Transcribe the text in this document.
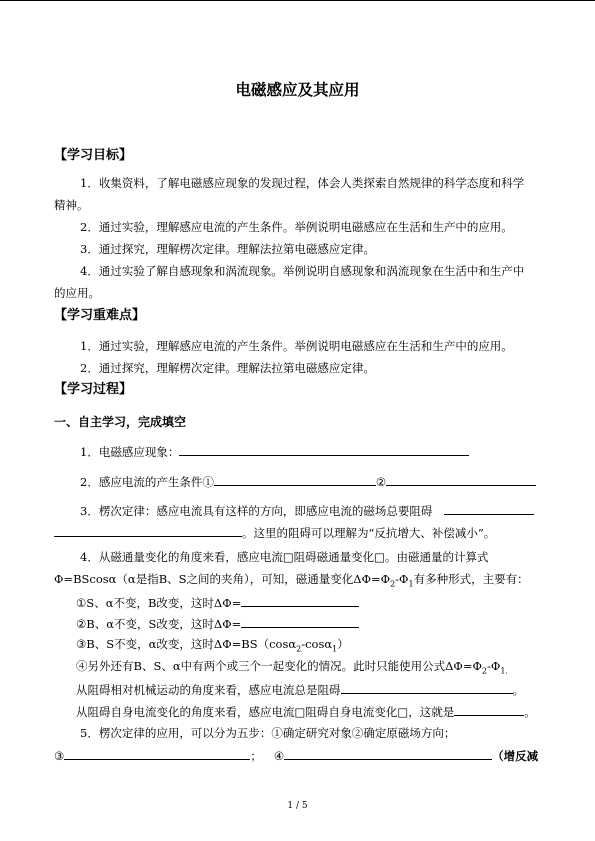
电磁感应及其应用
【学习目标】
1．收集资料，了解电磁感应现象的发现过程，体会人类探索自然规律的科学态度和科学
精神。
2．通过实验，理解感应电流的产生条件。举例说明电磁感应在生活和生产中的应用。
3．通过探究，理解楞次定律。理解法拉第电磁感应定律。
4．通过实验了解自感现象和涡流现象。举例说明自感现象和涡流现象在生活中和生产中
的应用。
【学习重难点】
1．通过实验，理解感应电流的产生条件。举例说明电磁感应在生活和生产中的应用。
2．通过探究，理解楞次定律。理解法拉第电磁感应定律。
【学习过程】
一、自主学习，完成填空
1．电磁感应现象：
2．感应电流的产生条件①	②
3．楞次定律：感应电流具有这样的方向，即感应电流的磁场总要阻碍
。这里的阻碍可以理解为“反抗增大、补偿减小”。
4．从磁通量变化的角度来看，感应电流□阻碍磁通量变化□。由磁通量的计算式
Φ=BScosα（α是指B、S之间的夹角），可知，磁通量变化$\Delta\Phi=\Phi_2-\Phi_1$有多种形式，主要有：
①S、α不变，B改变，这时ΔΦ=
②B、α不变，S改变，这时ΔΦ=
③B、S不变，α改变，这时ΔΦ=BS（cosα$_2$-cosα$_1$）
④另外还有B、S、α中有两个或三个一起变化的情况。此时只能使用公式$\Delta\Phi=\Phi_2-\Phi_{1.}$
从阻碍相对机械运动的角度来看，感应电流总是阻碍	。
从阻碍自身电流变化的角度来看，感应电流□阻碍自身电流变化□，这就是	。
5．楞次定律的应用，可以分为五步：①确定研究对象②确定原磁场方向；
③	； ④	（增反减
1 / 5
